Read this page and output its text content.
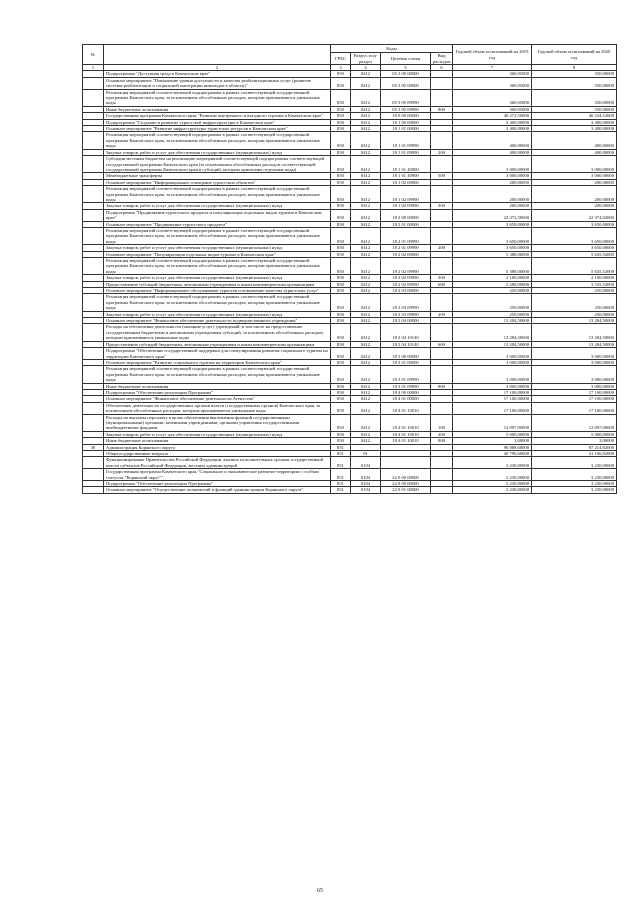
№		Коды				Годовой объем ассигнований на 2019 год	Годовой объем ассигнований на 2020 год
		ГРБС	Раздел, под-раздел	Целевая статья	Вид расходов		
1	2	3	4	5	6	7	8
	Подпрограмма "Доступная среда в Камчатском крае"	850	0412	05 3 00 00000		360,05000	350,00000
	Основное мероприятие "Повышение уровня доступности и качества реабилитационных услуг (развитие системы реабилитации и социальной интеграции инвалидов в области)"	850	0412	05 3 05 00000		360,05000	350,00000
	Реализация мероприятий соответствующей подпрограммы в рамках соответствующей государственной программы Камчатского края, за исключением обособленных расходов, которым присваиваются уникальные коды	850	0412	05 3 05 09990		360,05000	350,00000
	Иные бюджетные ассигнования	850	0412	05 3 05 09990	800	360,05000	350,00000
	Государственная программа Камчатского края "Развитие внутреннего и въездного туризма в Камчатском крае"	850	0412	18 0 00 00000		46 272,50000	46 524,52000
	Подпрограмма "Создание и развитие туристской инфраструктуры в Камчатском крае"	850	0412	18 1 00 00000		3 400,00000	3 400,00000
	Основное мероприятие "Развитие инфраструктуры туристских ресурсов в Камчатском крае"	850	0412	18 1 01 00000		3 400,00000	3 400,00000
	Реализация мероприятий соответствующей подпрограммы в рамках соответствующей государственной программы Камчатского края, за исключением обособленных расходов, которым присваиваются уникальные коды	850	0412	18 1 01 09990		400,00000	400,00000
	Закупка товаров, работ и услуг для обеспечения государственных (муниципальных) нужд	850	0412	18 1 01 09990	200	400,00000	400,00000
	Субсидии местным бюджетам на реализацию мероприятий соответствующей подпрограммы соответствующей государственной программы Камчатского края (за исключением обособленных расходов соответствующей государственной программы Камчатского края и субсидий, которым присвоены отдельные коды)	850	0412	18 1 01 40900		3 000,00000	3 000,00000
	Межбюджетные трансферты	850	0412	18 1 01 40900	500	3 000,00000	3 000,00000
	Основное мероприятие "Информационное освещение туристских объектов"	850	0412	18 1 02 00000		200,00000	200,00000
	Реализация мероприятий соответствующей подпрограммы в рамках соответствующей государственной программы Камчатского края, за исключением обособленных расходов, которым присваиваются уникальные коды	850	0412	18 1 02 09990		200,00000	200,00000
	Закупка товаров, работ и услуг для обеспечения государственных (муниципальных) нужд	850	0412	18 1 02 09990	200	200,00000	200,00000
	Подпрограмма "Продвижение туристского продукта и популяризация отдельных видов туризма в Камчатском крае"	850	0412	18 2 00 00000		22 372,50000	22 374,02000
	Основное мероприятие "Продвижение туристского продукта"	850	0412	18 2 01 00000		3 650,00000	3 650,00000
	Реализация мероприятий соответствующей подпрограммы в рамках соответствующей государственной программы Камчатского края, за исключением обособленных расходов, которым присваиваются уникальные коды	850	0412	18 2 01 09990		3 650,00000	3 650,00000
	Закупка товаров, работ и услуг для обеспечения государственных (муниципальных) нужд	850	0412	18 2 01 09990	200	3 650,00000	3 650,00000
	Основное мероприятие "Популяризация отдельных видов туризма в Камчатском крае"	850	0412	18 2 02 00000		5 388,00000	5 635,52000
	Реализация мероприятий соответствующей подпрограммы в рамках соответствующей государственной программы Камчатского края, за исключением обособленных расходов, которым присваиваются уникальные коды	850	0412	18 2 02 09990		5 388,00000	5 635,52000
	Закупка товаров, работ и услуг для обеспечения государственных (муниципальных) нужд	850	0412	18 2 02 09990	200	2 100,00000	2 100,00000
	Предоставление субсидий бюджетным, автономным учреждениям и иным некоммерческим организациям	850	0412	18 2 02 09990	600	3 288,00000	3 535,52000
	Основное мероприятие "Информационное обслуживание туристов и повышение качества туристских услуг"	850	0412	18 2 03 00000		250,00000	250,00000
	Реализация мероприятий соответствующей подпрограммы в рамках соответствующей государственной программы Камчатского края, за исключением обособленных расходов, которым присваиваются уникальные коды	850	0412	18 2 03 09990		250,00000	250,00000
	Закупка товаров, работ и услуг для обеспечения государственных (муниципальных) нужд	850	0412	18 2 03 09990	200	250,00000	250,00000
	Основное мероприятие "Финансовое обеспечение деятельности подведомственного учреждения"	850	0412	18 2 04 00000		13 284,50000	13 284,50000
	Расходы на обеспечение деятельности (оказание услуг) учреждений, в том числе на предоставление государственным бюджетным и автономным учреждениям субсидий, за исключением обособленных расходов, которым присваиваются уникальные коды	850	0412	18 2 04 10140		13 284,50000	13 284,50000
	Предоставление субсидий бюджетным, автономным учреждениям и иным некоммерческим организациям	850	0412	18 2 04 10140	600	13 284,50000	13 284,50000
	Подпрограмма "Обеспечение государственной поддержки для стимулирования развития социального туризма на территории Камчатского края"	850	0412	18 3 00 00000		3 000,00000	3 000,00000
	Основное мероприятие "Развитие социального туризма на территории Камчатского края"	850	0412	18 3 01 00000		3 000,00000	3 000,00000
	Реализация мероприятий соответствующей подпрограммы в рамках соответствующей государственной программы Камчатского края, за исключением обособленных расходов, которым присваиваются уникальные коды	850	0412	18 3 01 09990		3 000,00000	3 000,00000
	Иные бюджетные ассигнования	850	0412	18 3 01 09990	800	3 000,00000	3 000,00000
	Подпрограмма "Обеспечение реализации Программы"	850	0412	18 4 00 00000		17 100,00000	17 100,00000
	Основное мероприятие "Финансовое обеспечение деятельности Агентства"	850	0412	18 4 01 00000		17 100,00000	17 100,00000
	Обеспечение деятельности государственных органов власти (государственных органов) Камчатского края, за исключением обособленных расходов, которым присваиваются уникальные коды	850	0412	18 4 01 10010		17 100,00000	17 100,00000
	Расходы на выплаты персоналу в целях обеспечения выполнения функций государственными (муниципальными) органами, казенными учреждениями, органами управления государственными внебюджетными фондами	850	0412	18 4 01 10010	100	12 097,00000	12 097,00000
	Закупка товаров, работ и услуг для обеспечения государственных (муниципальных) нужд	850	0412	18 4 01 10010	200	5 000,00000	5 000,00000
	Иные бюджетные ассигнования	850	0412	18 4 01 10010	800	3,00000	3,00000
38	Администрация Корякского округа	851				96 888,60000	87 214,82000
	Общегосударственные вопросы	851	01			40 796,60000	41 106,82000
	Функционирование Правительства Российской Федерации, высших исполнительных органов государственной власти субъектов Российской Федерации, местных администраций	851	0104			3 230,00000	3 230,00000
	Государственная программа Камчатского края "Социальное и экономическое развитие территории с особым статусом "Корякский округ""	851	0104	22 0 00 00000		3 230,00000	3 230,00000
	Подпрограмма "Обеспечение реализации Программы"	851	0104	22 9 00 00000		3 230,00000	3 230,00000
	Основное мероприятие "Осуществление полномочий и функций администрации Корякского округа"	851	0104	22 9 01 00000		3 230,00000	3 230,00000
65
